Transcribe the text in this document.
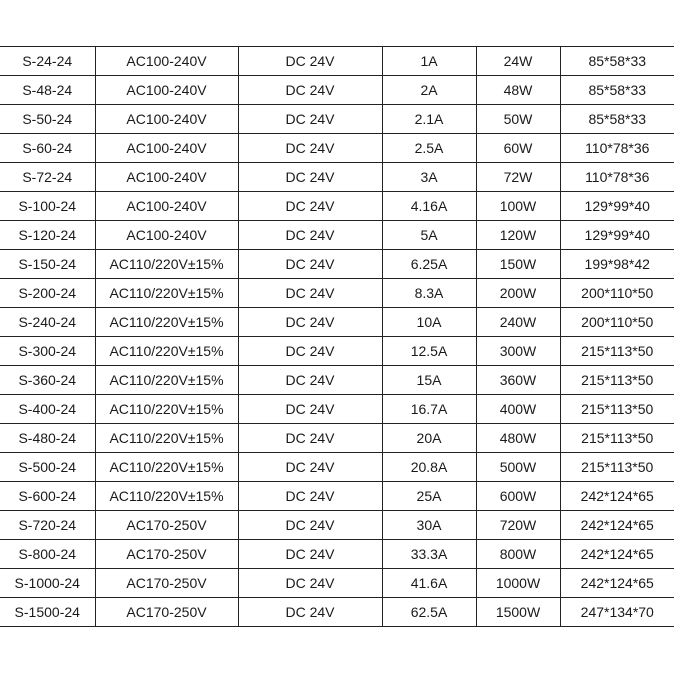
S-24-24	AC100-240V	DC 24V	1A	24W	85*58*33
S-48-24	AC100-240V	DC 24V	2A	48W	85*58*33
S-50-24	AC100-240V	DC 24V	2.1A	50W	85*58*33
S-60-24	AC100-240V	DC 24V	2.5A	60W	110*78*36
S-72-24	AC100-240V	DC 24V	3A	72W	110*78*36
S-100-24	AC100-240V	DC 24V	4.16A	100W	129*99*40
S-120-24	AC100-240V	DC 24V	5A	120W	129*99*40
S-150-24	AC110/220V±15%	DC 24V	6.25A	150W	199*98*42
S-200-24	AC110/220V±15%	DC 24V	8.3A	200W	200*110*50
S-240-24	AC110/220V±15%	DC 24V	10A	240W	200*110*50
S-300-24	AC110/220V±15%	DC 24V	12.5A	300W	215*113*50
S-360-24	AC110/220V±15%	DC 24V	15A	360W	215*113*50
S-400-24	AC110/220V±15%	DC 24V	16.7A	400W	215*113*50
S-480-24	AC110/220V±15%	DC 24V	20A	480W	215*113*50
S-500-24	AC110/220V±15%	DC 24V	20.8A	500W	215*113*50
S-600-24	AC110/220V±15%	DC 24V	25A	600W	242*124*65
S-720-24	AC170-250V	DC 24V	30A	720W	242*124*65
S-800-24	AC170-250V	DC 24V	33.3A	800W	242*124*65
S-1000-24	AC170-250V	DC 24V	41.6A	1000W	242*124*65
S-1500-24	AC170-250V	DC 24V	62.5A	1500W	247*134*70
